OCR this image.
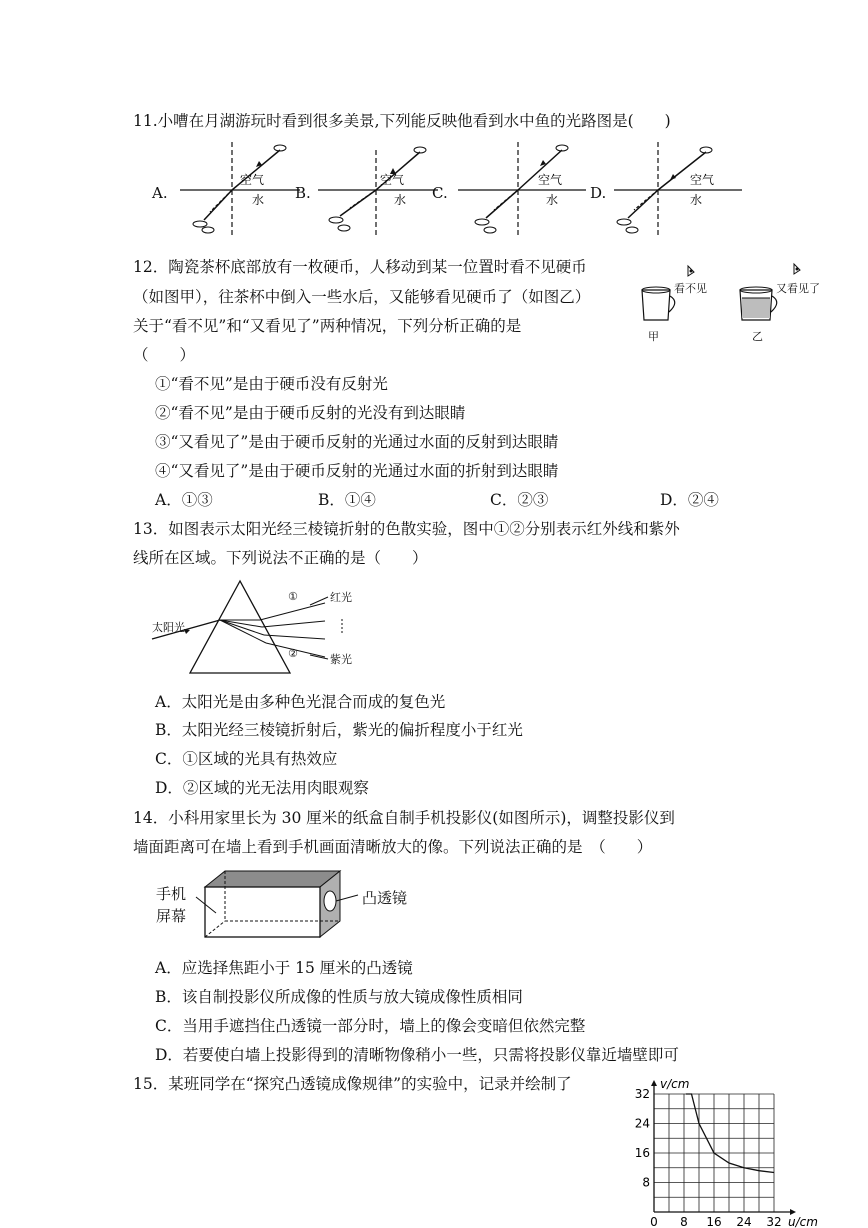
11.小嘈在月湖游玩时看到很多美景,下列能反映他看到水中鱼的光路图是(　　)
A.
空气
水 B.
空气
水 C.
空气
水 D.
空气
水
12．陶瓷茶杯底部放有一枚硬币，人移动到某一位置时看不见硬币
（如图甲），往茶杯中倒入一些水后，又能够看见硬币了（如图乙）
关于“看不见”和“又看见了”两种情况，下列分析正确的是
（　　）
①“看不见”是由于硬币没有反射光
②“看不见”是由于硬币反射的光没有到达眼睛
③“又看见了”是由于硬币反射的光通过水面的反射到达眼睛
④“又看见了”是由于硬币反射的光通过水面的折射到达眼睛
A．①③	B．①④	C．②③	D．②④
看不见	又看见了
甲	乙
13．如图表示太阳光经三棱镜折射的色散实验，图中①②分别表示红外线和紫外
线所在区域。下列说法不正确的是（　　）
太阳光
红光
紫光
①
②
A．太阳光是由多种色光混合而成的复色光
B．太阳光经三棱镜折射后，紫光的偏折程度小于红光
C．①区域的光具有热效应
D．②区域的光无法用肉眼观察
14．小科用家里长为 30 厘米的纸盒自制手机投影仪(如图所示)，调整投影仪到
墙面距离可在墙上看到手机画面清晰放大的像。下列说法正确的是　（　　）
手机
屏幕
凸透镜
A．应选择焦距小于 15 厘米的凸透镜
B．该自制投影仪所成像的性质与放大镜成像性质相同
C．当用手遮挡住凸透镜一部分时，墙上的像会变暗但依然完整
D．若要使白墙上投影得到的清晰物像稍小一些，只需将投影仪靠近墙壁即可
15．某班同学在“探究凸透镜成像规律”的实验中，记录并绘制了
0 8 16 24 32
8
16
24
32
u/cm
v/cm
